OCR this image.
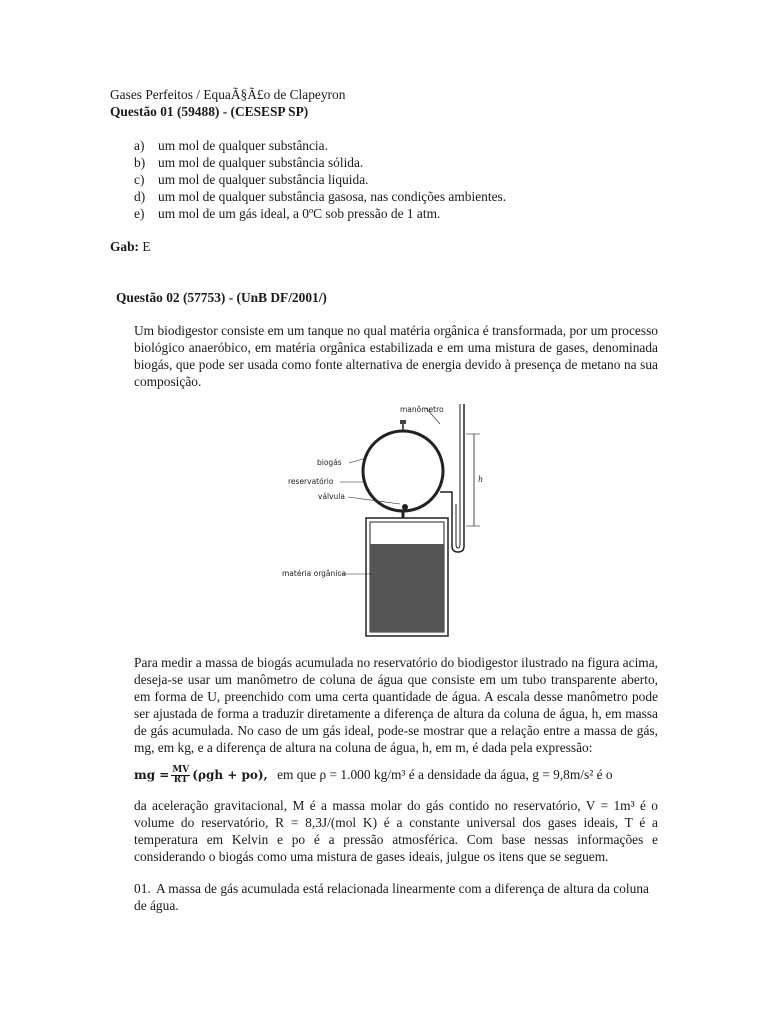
Gases Perfeitos / EquaÃ§Ã£o de Clapeyron
Questão 01 (59488) - (CESESP SP)
a) um mol de qualquer substância.
b) um mol de qualquer substância sólida.
c) um mol de qualquer substância liquida.
d) um mol de qualquer substância gasosa, nas condições ambientes.
e) um mol de um gás ideal, a 0ºC sob pressão de 1 atm.
Gab: E
Questão 02 (57753) - (UnB DF/2001/)
Um biodigestor consiste em um tanque no qual matéria orgânica é transformada, por um processo biológico anaeróbico, em matéria orgânica estabilizada e em uma mistura de gases, denominada biogás, que pode ser usada como fonte alternativa de energia devido à presença de metano na sua composição.
manômetro
biogás
reservatório
válvula
h
matéria orgânica
Para medir a massa de biogás acumulada no reservatório do biodigestor ilustrado na figura acima, deseja-se usar um manômetro de coluna de água que consiste em um tubo transparente aberto, em forma de U, preenchido com uma certa quantidade de água. A escala desse manômetro pode ser ajustada de forma a traduzir diretamente a diferença de altura da coluna de água, h, em massa de gás acumulada. No caso de um gás ideal, pode-se mostrar que a relação entre a massa de gás, mg, em kg, e a diferença de altura na coluna de água, h, em m, é dada pela expressão:
mg = $\frac{MV}{RT} (\rho gh + po)$, em que ρ = 1.000 kg/m³ é a densidade da água, g = 9,8m/s² é o
da aceleração gravitacional, M é a massa molar do gás contido no reservatório, V = 1m³ é o volume do reservatório, R = 8,3J/(mol K) é a constante universal dos gases ideais, T é a temperatura em Kelvin e po é a pressão atmosférica. Com base nessas informações e considerando o biogás como uma mistura de gases ideais, julgue os itens que se seguem.
01. A massa de gás acumulada está relacionada linearmente com a diferença de altura da coluna de água.
